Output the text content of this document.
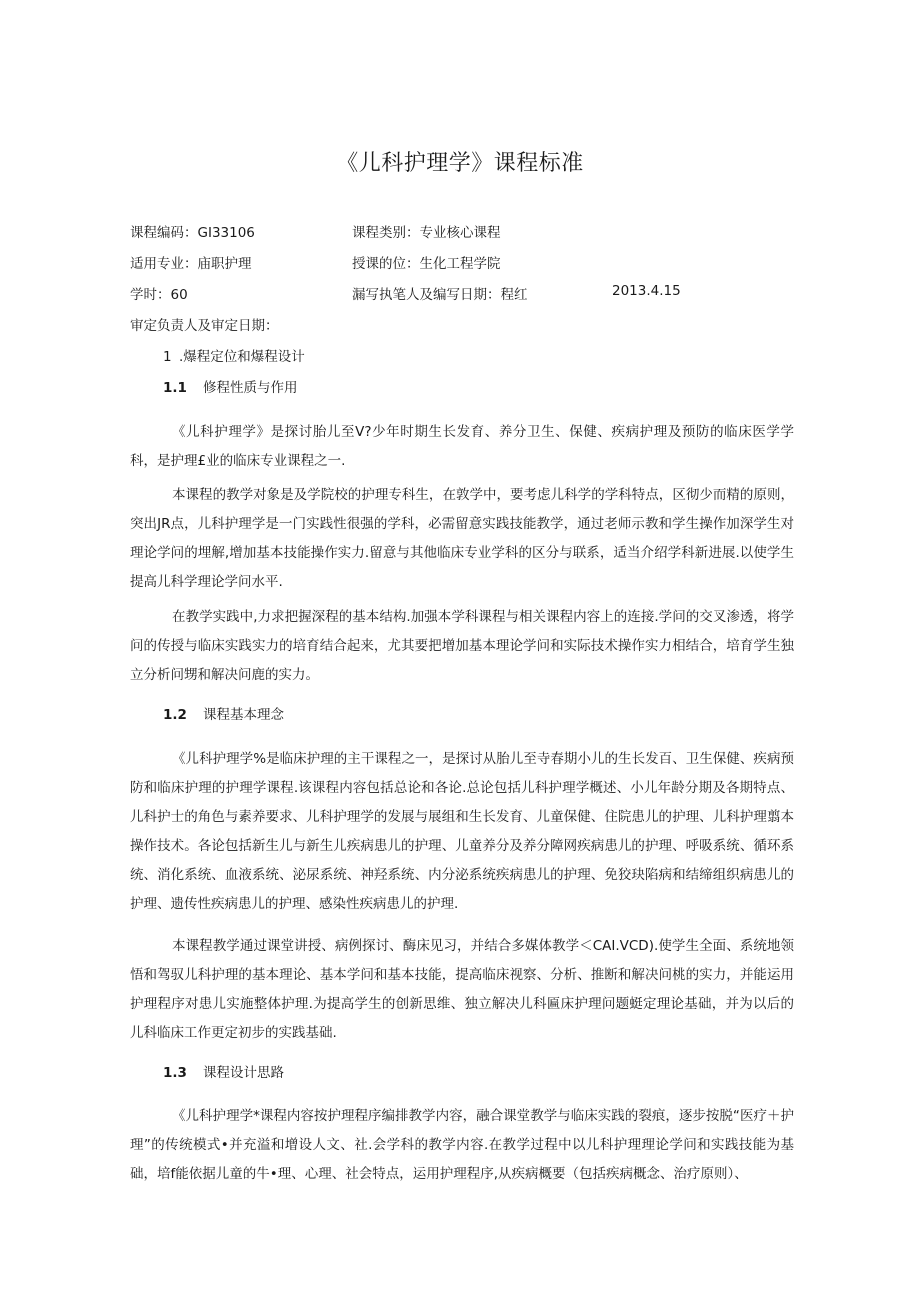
《儿科护理学》课程标准
课程编码：GI33106	课程类别：专业核心课程
适用专业：庙职护理	授课的位：生化工程学院
学时：60	漏写执笔人及编写日期：程红	2013.4.15
审定负责人及审定日期：
1 .爆程定位和爆程设计
1.1 修程性质与作用

《儿科护理学》是探讨胎儿至V?少年时期生长发育、养分卫生、保健、疾病护理及预防的临床医学学科，是护理£业的临床专业课程之一.

本课程的教学对象是及学院校的护理专科生，在敦学中，要考虑儿科学的学科特点，区彻少而精的原则，突出JR点，儿科护理学是一门实践性很强的学科，必需留意实践技能教学，通过老师示教和学生操作加深学生对理论学问的埋解,增加基本技能操作实力.留意与其他临床专业学科的区分与联系，适当介绍学科新进展.以使学生提高儿科学理论学问水平.

在教学实践中,力求把握深程的基本结构.加强本学科课程与相关课程内容上的连接.学问的交叉渗透，将学问的传授与临床实践实力的培育结合起来，尤其要把增加基本理论学问和实际技术操作实力相结合，培育学生独立分析问甥和解决问鹿的实力。

1.2 课程基本理念

《儿科护理学%是临床护理的主干课程之一，是探讨从胎儿至寺春期小儿的生长发百、卫生保健、疾病预防和临床护理的护理学课程.该课程内容包括总论和各论.总论包括儿科护理学概述、小儿年龄分期及各期特点、儿科护士的角色与素养要求、儿科护理学的发展与展组和生长发育、儿童保健、住院患儿的护理、儿科护理翦本操作技术。各论包括新生儿与新生儿疾病患儿的护理、儿童养分及养分障网疾病患儿的护理、呼吸系统、循环系统、消化系统、血液系统、泌尿系统、神羟系统、内分泌系统疾病患儿的护理、免狡玦陷病和结缔组织病患儿的护理、遗传性疾病患儿的护理、感染性疾病患儿的护理.

本课程教学通过课堂讲授、病例探讨、酶床见习，并结合多媒体教学＜CAI.VCD).使学生全面、系统地领悟和驾驭儿科护理的基本理论、基本学问和基本技能，提高临床视察、分析、推断和解决问桃的实力，并能运用护理程序对患儿实施整体护理.为提高学生的创新思维、独立解决儿科匾床护理问题蜓定理论基础，并为以后的儿科临床工作更定初步的实践基础.

1.3 课程设计思路

《儿科护理学*课程内容按护理程序编排教学内容，融合课堂教学与临床实践的裂痕，逐步按脱“医疗＋护理”的传统模式•并充溢和增设人文、社.会学科的教学内容.在教学过程中以儿科护理理论学问和实践技能为基础，培f能依据儿童的牛•理、心理、社会特点，运用护理程序,从疾病概要（包括疾病概念、治疗原则）、
